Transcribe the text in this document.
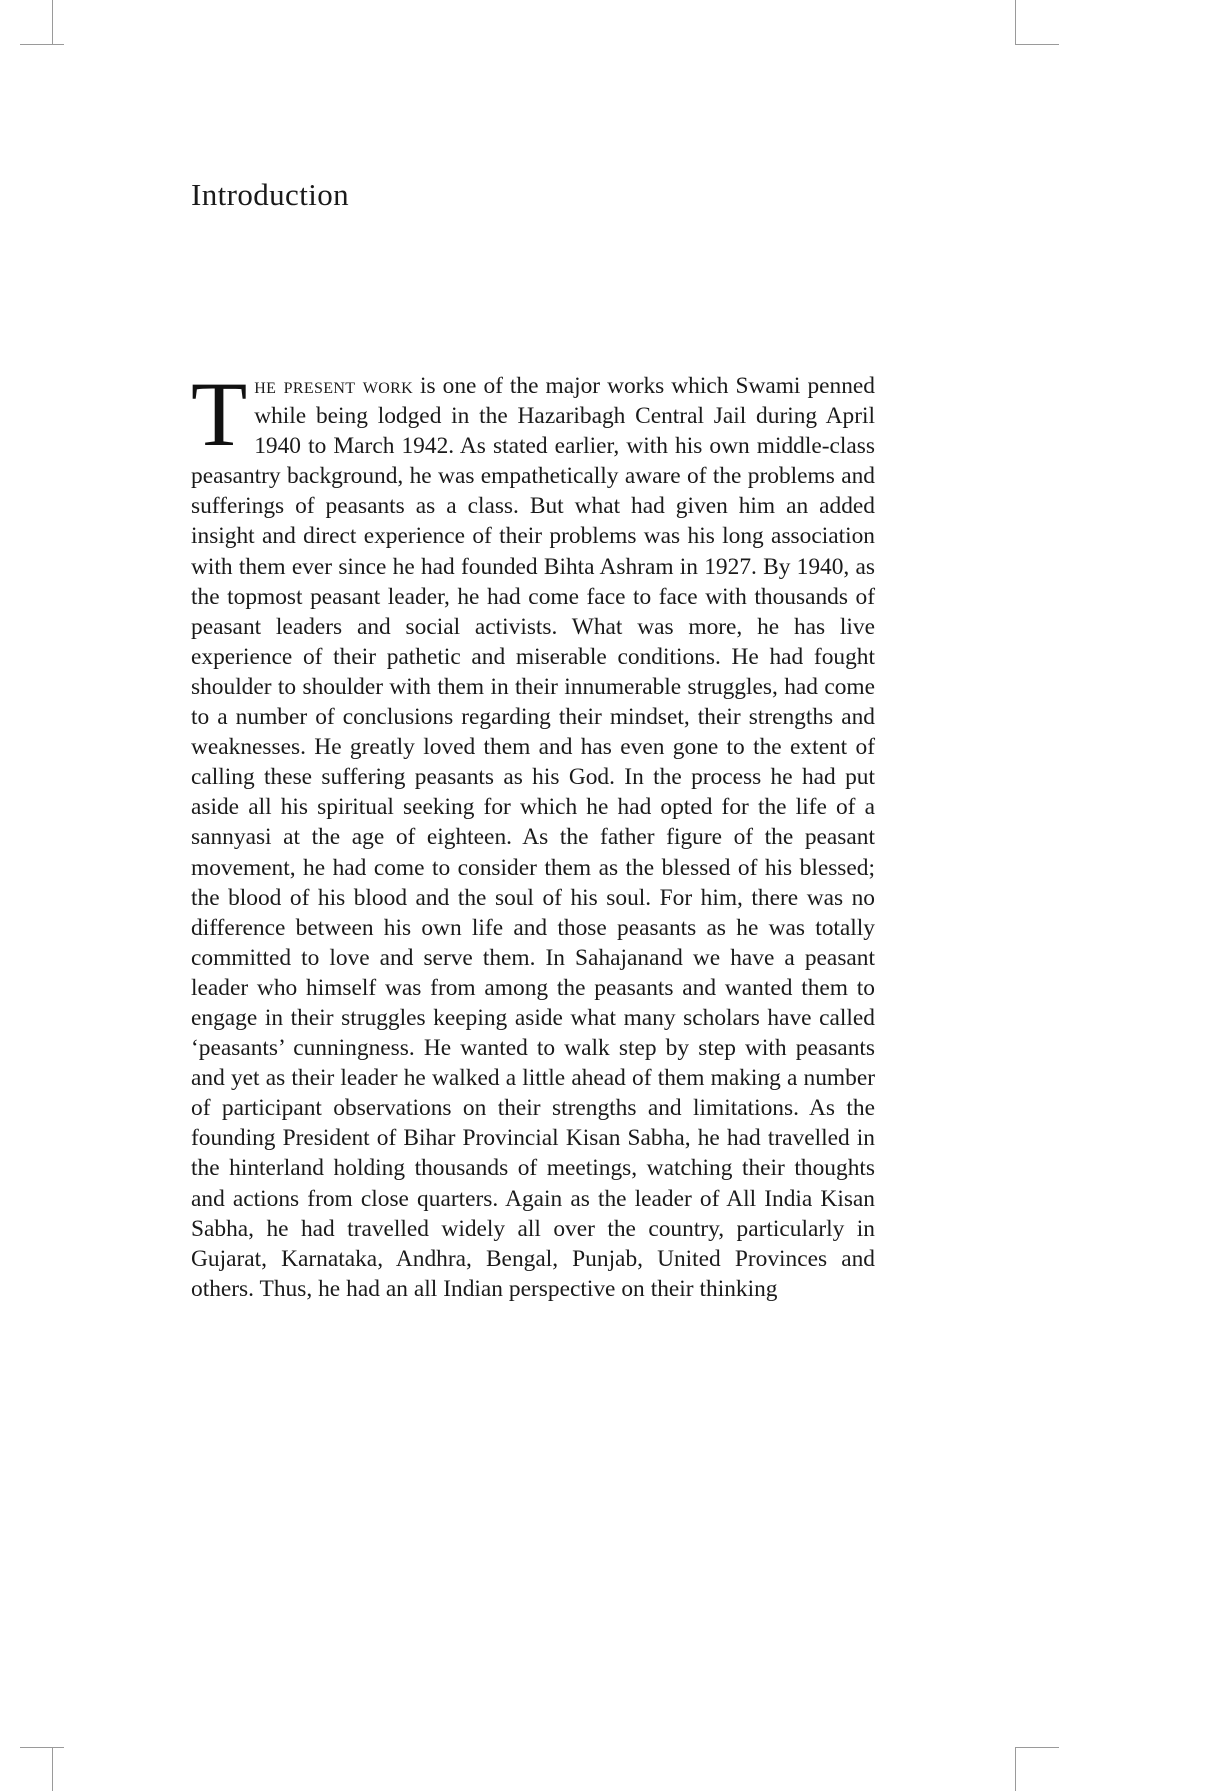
Introduction

The present work is one of the major works which Swami penned while being lodged in the Hazaribagh Central Jail during April 1940 to March 1942. As stated earlier, with his own middle-class peasantry background, he was empathetically aware of the problems and sufferings of peasants as a class. But what had given him an added insight and direct experience of their problems was his long association with them ever since he had founded Bihta Ashram in 1927. By 1940, as the topmost peasant leader, he had come face to face with thousands of peasant leaders and social activists. What was more, he has live experience of their pathetic and miserable conditions. He had fought shoulder to shoulder with them in their innumerable struggles, had come to a number of conclusions regarding their mindset, their strengths and weaknesses. He greatly loved them and has even gone to the extent of calling these suffering peasants as his God. In the process he had put aside all his spiritual seeking for which he had opted for the life of a sannyasi at the age of eighteen. As the father figure of the peasant movement, he had come to consider them as the blessed of his blessed; the blood of his blood and the soul of his soul. For him, there was no difference between his own life and those peasants as he was totally committed to love and serve them. In Sahajanand we have a peasant leader who himself was from among the peasants and wanted them to engage in their struggles keeping aside what many scholars have called ‘peasants’ cunningness. He wanted to walk step by step with peasants and yet as their leader he walked a little ahead of them making a number of participant observations on their strengths and limitations. As the founding President of Bihar Provincial Kisan Sabha, he had travelled in the hinterland holding thousands of meetings, watching their thoughts and actions from close quarters. Again as the leader of All India Kisan Sabha, he had travelled widely all over the country, particularly in Gujarat, Karnataka, Andhra, Bengal, Punjab, United Provinces and others. Thus, he had an all Indian perspective on their thinking
